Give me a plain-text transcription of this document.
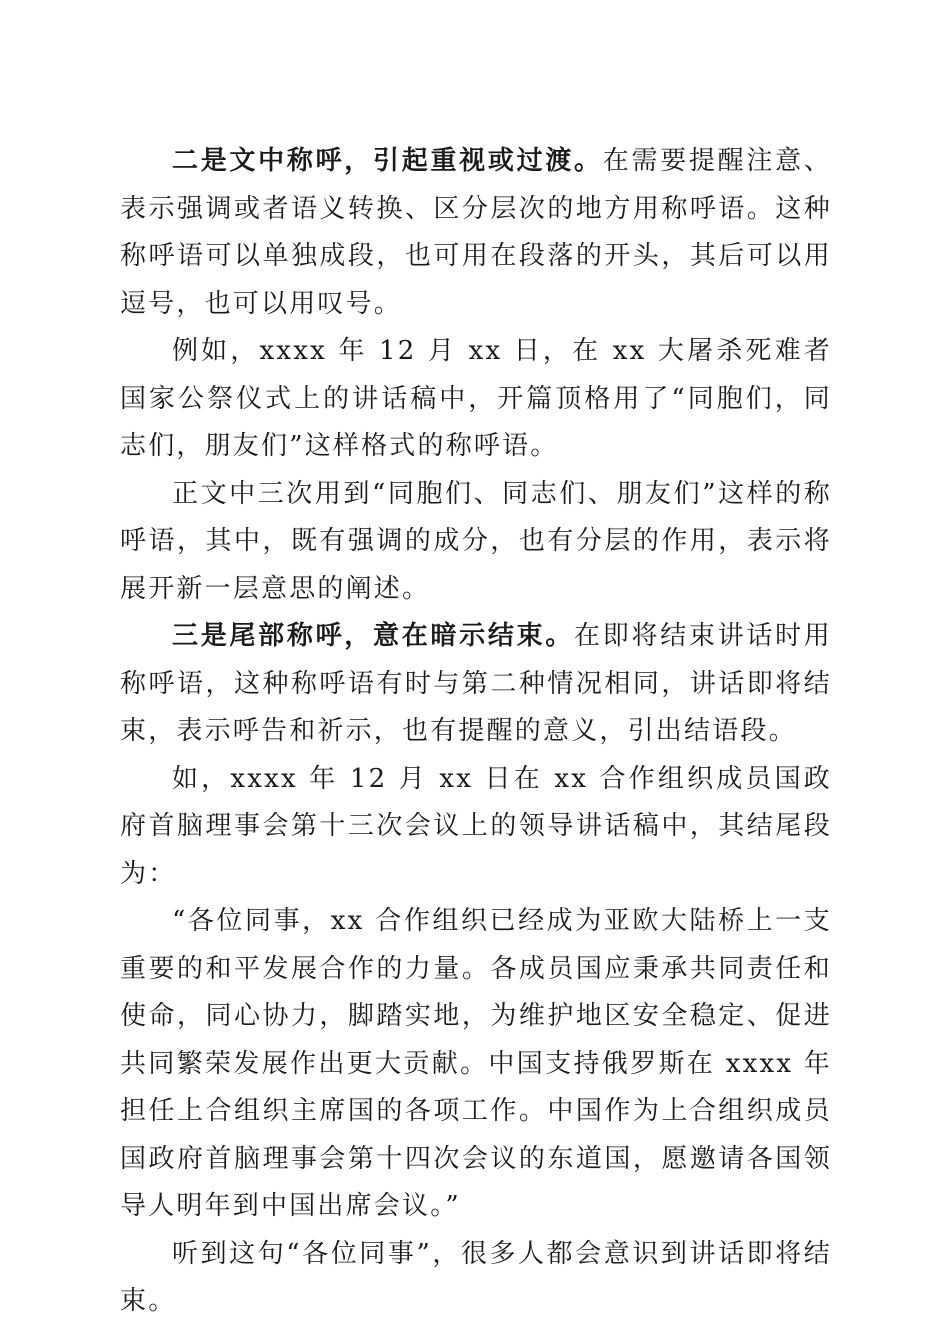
二是文中称呼，引起重视或过渡。在需要提醒注意、表示强调或者语义转换、区分层次的地方用称呼语。这种称呼语可以单独成段，也可用在段落的开头，其后可以用逗号，也可以用叹号。

例如，xxxx 年 12 月 xx 日，在 xx 大屠杀死难者国家公祭仪式上的讲话稿中，开篇顶格用了“同胞们，同志们，朋友们”这样格式的称呼语。

正文中三次用到“同胞们、同志们、朋友们”这样的称呼语，其中，既有强调的成分，也有分层的作用，表示将展开新一层意思的阐述。

三是尾部称呼，意在暗示结束。在即将结束讲话时用称呼语，这种称呼语有时与第二种情况相同，讲话即将结束，表示呼告和祈示，也有提醒的意义，引出结语段。

如，xxxx 年 12 月 xx 日在 xx 合作组织成员国政府首脑理事会第十三次会议上的领导讲话稿中，其结尾段为：

“各位同事，xx 合作组织已经成为亚欧大陆桥上一支重要的和平发展合作的力量。各成员国应秉承共同责任和使命，同心协力，脚踏实地，为维护地区安全稳定、促进共同繁荣发展作出更大贡献。中国支持俄罗斯在 xxxx 年担任上合组织主席国的各项工作。中国作为上合组织成员国政府首脑理事会第十四次会议的东道国，愿邀请各国领导人明年到中国出席会议。”

听到这句“各位同事”，很多人都会意识到讲话即将结束。
